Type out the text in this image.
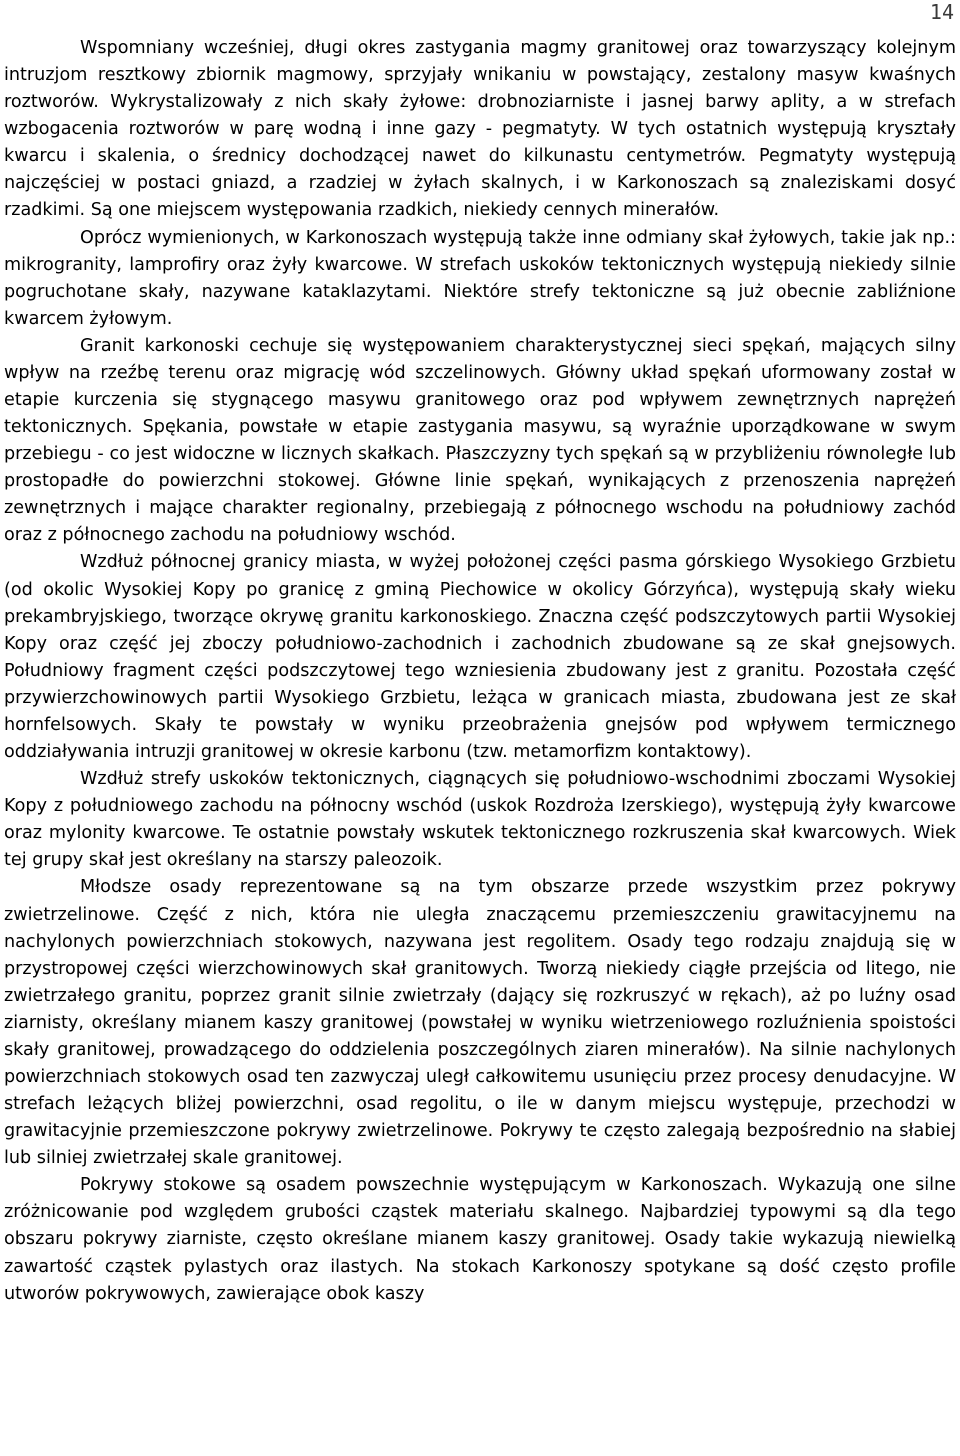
14

Wspomniany wcześniej, długi okres zastygania magmy granitowej oraz towarzyszący kolejnym intruzjom resztkowy zbiornik magmowy, sprzyjały wnikaniu w powstający, zestalony masyw kwaśnych roztworów. Wykrystalizowały z nich skały żyłowe: drobnoziarniste i jasnej barwy aplity, a w strefach wzbogacenia roztworów w parę wodną i inne gazy - pegmatyty. W tych ostatnich występują kryształy kwarcu i skalenia, o średnicy dochodzącej nawet do kilkunastu centymetrów. Pegmatyty występują najczęściej w postaci gniazd, a rzadziej w żyłach skalnych, i w Karkonoszach są znaleziskami dosyć rzadkimi. Są one miejscem występowania rzadkich, niekiedy cennych minerałów.

Oprócz wymienionych, w Karkonoszach występują także inne odmiany skał żyłowych, takie jak np.: mikrogranity, lamprofiry oraz żyły kwarcowe. W strefach uskoków tektonicznych występują niekiedy silnie pogruchotane skały, nazywane kataklazytami. Niektóre strefy tektoniczne są już obecnie zabliźnione kwarcem żyłowym.

Granit karkonoski cechuje się występowaniem charakterystycznej sieci spękań, mających silny wpływ na rzeźbę terenu oraz migrację wód szczelinowych. Główny układ spękań uformowany został w etapie kurczenia się stygnącego masywu granitowego oraz pod wpływem zewnętrznych naprężeń tektonicznych. Spękania, powstałe w etapie zastygania masywu, są wyraźnie uporządkowane w swym przebiegu - co jest widoczne w licznych skałkach. Płaszczyzny tych spękań są w przybliżeniu równoległe lub prostopadłe do powierzchni stokowej. Główne linie spękań, wynikających z przenoszenia naprężeń zewnętrznych i mające charakter regionalny, przebiegają z północnego wschodu na południowy zachód oraz z północnego zachodu na południowy wschód.

Wzdłuż północnej granicy miasta, w wyżej położonej części pasma górskiego Wysokiego Grzbietu (od okolic Wysokiej Kopy po granicę z gminą Piechowice w okolicy Górzyńca), występują skały wieku prekambryjskiego, tworzące okrywę granitu karkonoskiego. Znaczna część podszczytowych partii Wysokiej Kopy oraz część jej zboczy południowo-zachodnich i zachodnich zbudowane są ze skał gnejsowych. Południowy fragment części podszczytowej tego wzniesienia zbudowany jest z granitu. Pozostała część przywierzchowinowych partii Wysokiego Grzbietu, leżąca w granicach miasta, zbudowana jest ze skał hornfelsowych. Skały te powstały w wyniku przeobrażenia gnejsów pod wpływem termicznego oddziaływania intruzji granitowej w okresie karbonu (tzw. metamorfizm kontaktowy).

Wzdłuż strefy uskoków tektonicznych, ciągnących się południowo-wschodnimi zboczami Wysokiej Kopy z południowego zachodu na północny wschód (uskok Rozdroża Izerskiego), występują żyły kwarcowe oraz mylonity kwarcowe. Te ostatnie powstały wskutek tektonicznego rozkruszenia skał kwarcowych. Wiek tej grupy skał jest określany na starszy paleozoik.

Młodsze osady reprezentowane są na tym obszarze przede wszystkim przez pokrywy zwietrzelinowe. Część z nich, która nie uległa znaczącemu przemieszczeniu grawitacyjnemu na nachylonych powierzchniach stokowych, nazywana jest regolitem. Osady tego rodzaju znajdują się w przystropowej części wierzchowinowych skał granitowych. Tworzą niekiedy ciągłe przejścia od litego, nie zwietrzałego granitu, poprzez granit silnie zwietrzały (dający się rozkruszyć w rękach), aż po luźny osad ziarnisty, określany mianem kaszy granitowej (powstałej w wyniku wietrzeniowego rozluźnienia spoistości skały granitowej, prowadzącego do oddzielenia poszczególnych ziaren minerałów). Na silnie nachylonych powierzchniach stokowych osad ten zazwyczaj uległ całkowitemu usunięciu przez procesy denudacyjne. W strefach leżących bliżej powierzchni, osad regolitu, o ile w danym miejscu występuje, przechodzi w grawitacyjnie przemieszczone pokrywy zwietrzelinowe. Pokrywy te często zalegają bezpośrednio na słabiej lub silniej zwietrzałej skale granitowej.

Pokrywy stokowe są osadem powszechnie występującym w Karkonoszach. Wykazują one silne zróżnicowanie pod względem grubości cząstek materiału skalnego. Najbardziej typowymi są dla tego obszaru pokrywy ziarniste, często określane mianem kaszy granitowej. Osady takie wykazują niewielką zawartość cząstek pylastych oraz ilastych. Na stokach Karkonoszy spotykane są dość często profile utworów pokrywowych, zawierające obok kaszy
